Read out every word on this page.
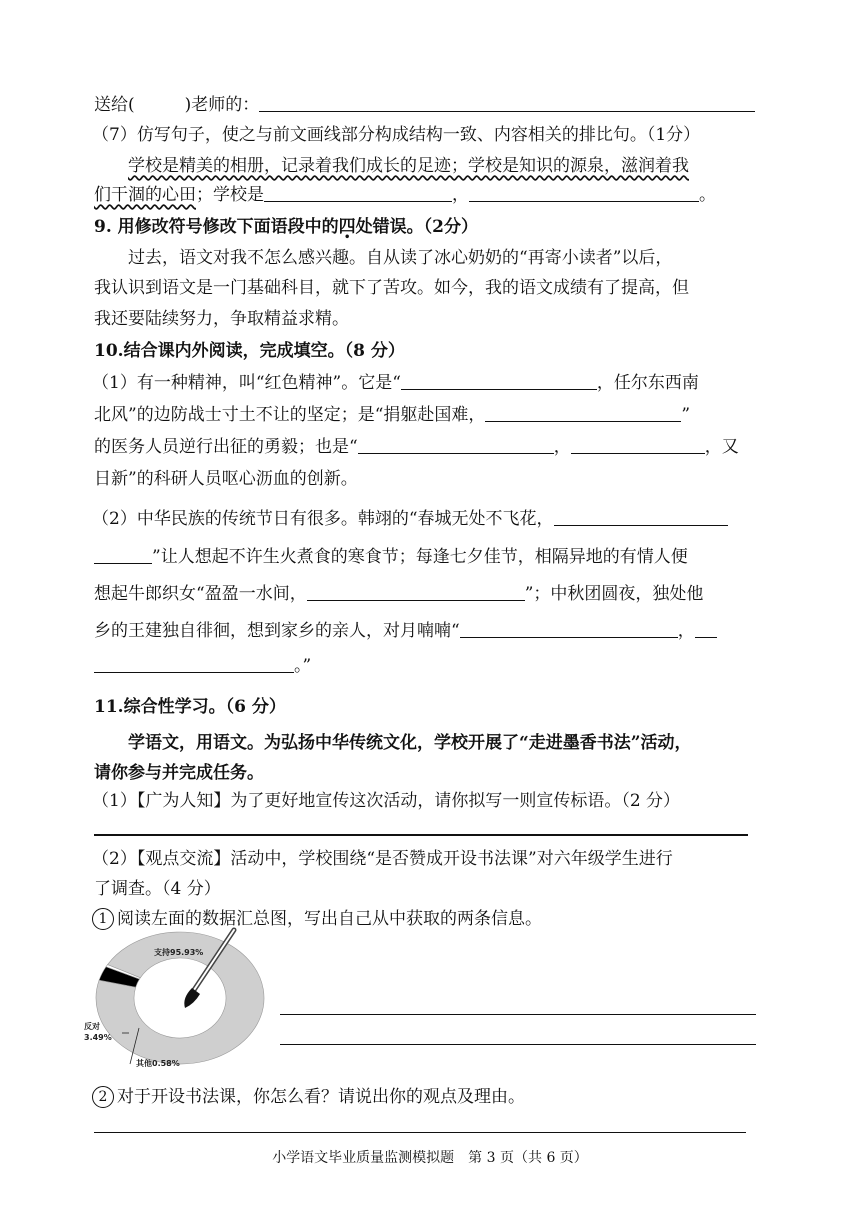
送给(	)老师的：
（7）仿写句子，使之与前文画线部分构成结构一致、内容相关的排比句。（1分）
学校是精美的相册，记录着我们成长的足迹；学校是知识的源泉，滋润着我
们干涸的心田；学校是	，	。
9. 用修改符号修改下面语段中的四处错误。（2分）
过去，语文对我不怎么感兴趣。自从读了冰心奶奶的“再寄小读者”以后，
我认识到语文是一门基础科目，就下了苦攻。如今，我的语文成绩有了提高，但
我还要陆续努力，争取精益求精。
10.结合课内外阅读，完成填空。（8 分）
（1）有一种精神，叫“红色精神”。它是“	，任尔东西南
北风”的边防战士寸土不让的坚定；是“捐躯赴国难，	”
的医务人员逆行出征的勇毅；也是“	，	，又
日新”的科研人员呕心沥血的创新。
（2）中华民族的传统节日有很多。韩翊的“春城无处不飞花，
”让人想起不许生火煮食的寒食节；每逢七夕佳节，相隔异地的有情人便
想起牛郎织女“盈盈一水间，	”；中秋团圆夜，独处他
乡的王建独自徘徊，想到家乡的亲人，对月喃喃“	，
。”
11.综合性学习。（6 分）
学语文，用语文。为弘扬中华传统文化，学校开展了“走进墨香书法”活动，
请你参与并完成任务。
（1）【广为人知】为了更好地宣传这次活动，请你拟写一则宣传标语。（2 分）
（2）【观点交流】活动中，学校围绕“是否赞成开设书法课”对六年级学生进行
了调查。（4 分）
1 阅读左面的数据汇总图，写出自己从中获取的两条信息。
支持95.93%
反对
3.49%
其他0.58%
2 对于开设书法课，你怎么看？请说出你的观点及理由。
小学语文毕业质量监测模拟题　第 3 页（共 6 页）
